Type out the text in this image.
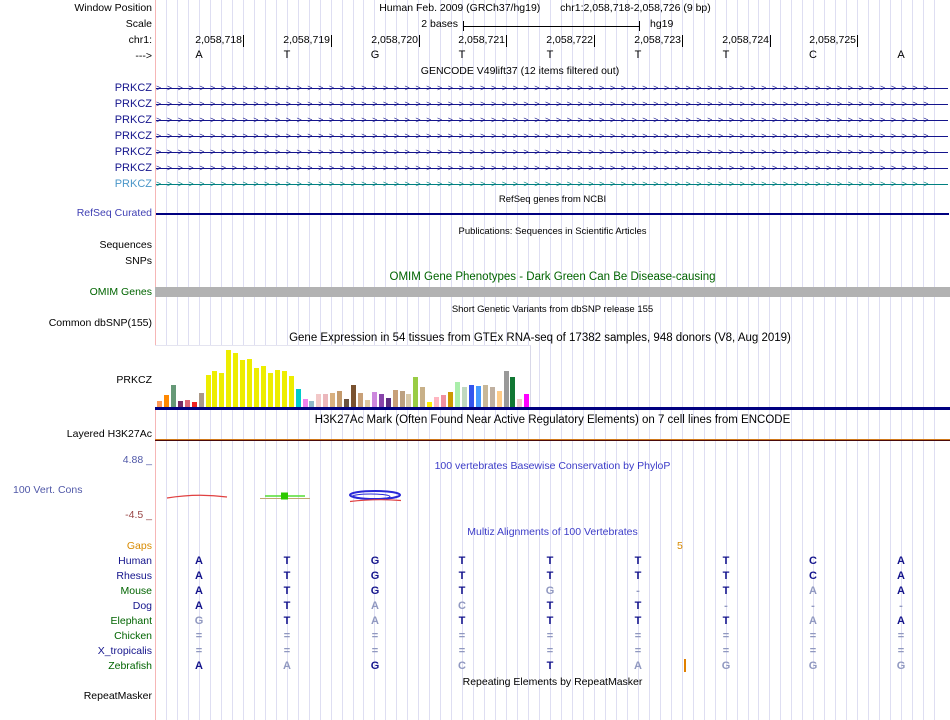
Window Position	Human Feb. 2009 (GRCh37/hg19) chr1:2,058,718-2,058,726 (9 bp)
Scale	2 bases	hg19
chr1:
--->
GENCODE V49lift37 (12 items filtered out)
RefSeq genes from NCBI
RefSeq Curated
Publications: Sequences in Scientific Articles
Sequences
SNPs
OMIM Gene Phenotypes - Dark Green Can Be Disease-causing
OMIM Genes
Short Genetic Variants from dbSNP release 155
Common dbSNP(155)
Gene Expression in 54 tissues from GTEx RNA-seq of 17382 samples, 948 donors (V8, Aug 2019)
PRKCZ
H3K27Ac Mark (Often Found Near Active Regulatory Elements) on 7 cell lines from ENCODE
Layered H3K27Ac
4.88 _	100 vertebrates Basewise Conservation by PhyloP
100 Vert. Cons
-4.5 _
Multiz Alignments of 100 Vertebrates
Gaps	5
Repeating Elements by RepeatMasker
RepeatMasker
2,058,718	2,058,719	2,058,720	2,058,721	2,058,722	2,058,723	2,058,724	2,058,725
A	T	G	T	T	T	T	C	A
PRKCZ >>>>>>>>>>>>>>>>>>>>>>>>>>>>>>>>>>>>>>>>>>>>>>>>>>>>>>>>>>>>>>>>>>>>>>>>
PRKCZ >>>>>>>>>>>>>>>>>>>>>>>>>>>>>>>>>>>>>>>>>>>>>>>>>>>>>>>>>>>>>>>>>>>>>>>>
PRKCZ >>>>>>>>>>>>>>>>>>>>>>>>>>>>>>>>>>>>>>>>>>>>>>>>>>>>>>>>>>>>>>>>>>>>>>>>
PRKCZ >>>>>>>>>>>>>>>>>>>>>>>>>>>>>>>>>>>>>>>>>>>>>>>>>>>>>>>>>>>>>>>>>>>>>>>>
PRKCZ >>>>>>>>>>>>>>>>>>>>>>>>>>>>>>>>>>>>>>>>>>>>>>>>>>>>>>>>>>>>>>>>>>>>>>>>
PRKCZ >>>>>>>>>>>>>>>>>>>>>>>>>>>>>>>>>>>>>>>>>>>>>>>>>>>>>>>>>>>>>>>>>>>>>>>>
PRKCZ >>>>>>>>>>>>>>>>>>>>>>>>>>>>>>>>>>>>>>>>>>>>>>>>>>>>>>>>>>>>>>>>>>>>>>>>
Human	A	T	G	T	T	T	T	C	A
Rhesus	A	T	G	T	T	T	T	C	A
Mouse	A	T	G	T	G	-	T	A	A
Dog	A	T	A	C	T	T	-	-	-
Elephant	G	T	A	T	T	T	T	A	A
Chicken	=	=	=	=	=	=	=	=	=
X_tropicalis	=	=	=	=	=	=	=	=	=
Zebrafish	A	A	G	C	T	A	G	G	G
